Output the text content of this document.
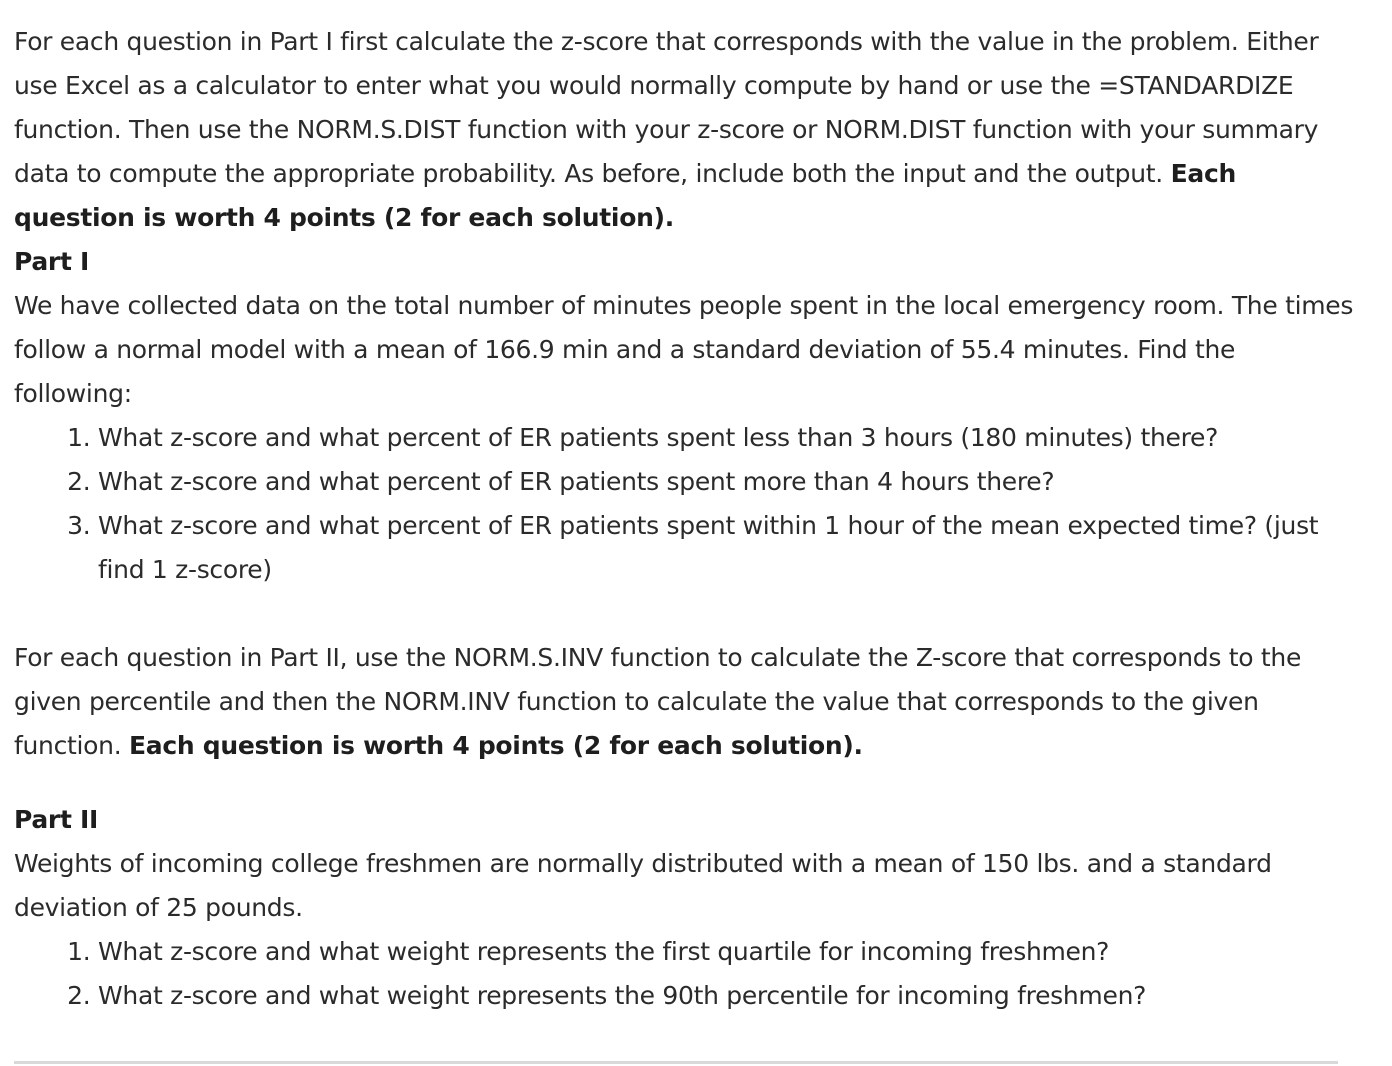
For each question in Part I first calculate the z-score that corresponds with the value in the problem. Either use Excel as a calculator to enter what you would normally compute by hand or use the =STANDARDIZE function. Then use the NORM.S.DIST function with your z-score or NORM.DIST function with your summary data to compute the appropriate probability. As before, include both the input and the output. Each question is worth 4 points (2 for each solution).

Part I

We have collected data on the total number of minutes people spent in the local emergency room. The times follow a normal model with a mean of 166.9 min and a standard deviation of 55.4 minutes. Find the following:

1. What z-score and what percent of ER patients spent less than 3 hours (180 minutes) there?
2. What z-score and what percent of ER patients spent more than 4 hours there?
3. What z-score and what percent of ER patients spent within 1 hour of the mean expected time? (just find 1 z-score)

For each question in Part II, use the NORM.S.INV function to calculate the Z-score that corresponds to the given percentile and then the NORM.INV function to calculate the value that corresponds to the given function. Each question is worth 4 points (2 for each solution).

Part II

Weights of incoming college freshmen are normally distributed with a mean of 150 lbs. and a standard deviation of 25 pounds.

1. What z-score and what weight represents the first quartile for incoming freshmen?
2. What z-score and what weight represents the 90th percentile for incoming freshmen?
